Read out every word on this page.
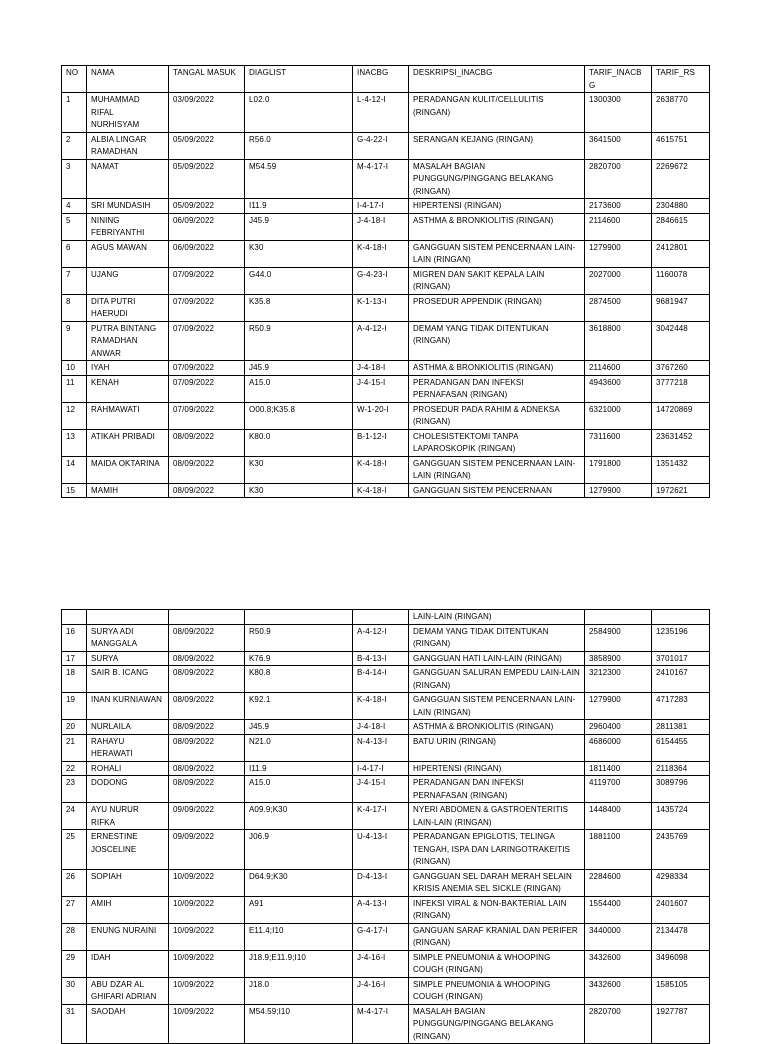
NO	NAMA	TANGAL MASUK	DIAGLIST	INACBG	DESKRIPSI_INACBG	TARIF_INACBG	TARIF_RS
1	MUHAMMAD RIFAL NURHISYAM	03/09/2022	L02.0	L-4-12-I	PERADANGAN KULIT/CELLULITIS (RINGAN)	1300300	2638770
2	ALBIA LINGAR RAMADHAN	05/09/2022	R56.0	G-4-22-I	SERANGAN KEJANG (RINGAN)	3641500	4615751
3	NAMAT	05/09/2022	M54.59	M-4-17-I	MASALAH BAGIAN PUNGGUNG/PINGGANG BELAKANG (RINGAN)	2820700	2269672
4	SRI MUNDASIH	05/09/2022	I11.9	I-4-17-I	HIPERTENSI (RINGAN)	2173600	2304880
5	NINING FEBRIYANTHI	06/09/2022	J45.9	J-4-18-I	ASTHMA & BRONKIOLITIS (RINGAN)	2114600	2846615
6	AGUS MAWAN	06/09/2022	K30	K-4-18-I	GANGGUAN SISTEM PENCERNAAN LAIN-LAIN (RINGAN)	1279900	2412801
7	UJANG	07/09/2022	G44.0	G-4-23-I	MIGREN DAN SAKIT KEPALA LAIN (RINGAN)	2027000	1160078
8	DITA PUTRI HAERUDI	07/09/2022	K35.8	K-1-13-I	PROSEDUR APPENDIK (RINGAN)	2874500	9681947
9	PUTRA BINTANG RAMADHAN ANWAR	07/09/2022	R50.9	A-4-12-I	DEMAM YANG TIDAK DITENTUKAN (RINGAN)	3618800	3042448
10	IYAH	07/09/2022	J45.9	J-4-18-I	ASTHMA & BRONKIOLITIS (RINGAN)	2114600	3767260
11	KENAH	07/09/2022	A15.0	J-4-15-I	PERADANGAN DAN INFEKSI PERNAFASAN (RINGAN)	4943600	3777218
12	RAHMAWATI	07/09/2022	O00.8;K35.8	W-1-20-I	PROSEDUR PADA RAHIM & ADNEKSA (RINGAN)	6321000	14720869
13	ATIKAH PRIBADI	08/09/2022	K80.0	B-1-12-I	CHOLESISTEKTOMI TANPA LAPAROSKOPIK (RINGAN)	7311600	23631452
14	MAIDA OKTARINA	08/09/2022	K30	K-4-18-I	GANGGUAN SISTEM PENCERNAAN LAIN-LAIN (RINGAN)	1791800	1351432
15	MAMIH	08/09/2022	K30	K-4-18-I	GANGGUAN SISTEM PENCERNAAN	1279900	1972621
					LAIN-LAIN (RINGAN)		
16	SURYA ADI MANGGALA	08/09/2022	R50.9	A-4-12-I	DEMAM YANG TIDAK DITENTUKAN (RINGAN)	2584900	1235196
17	SURYA	08/09/2022	K76.9	B-4-13-I	GANGGUAN HATI LAIN-LAIN (RINGAN)	3858900	3701017
18	SAIR B. ICANG	08/09/2022	K80.8	B-4-14-I	GANGGUAN SALURAN EMPEDU LAIN-LAIN (RINGAN)	3212300	2410167
19	INAN KURNIAWAN	08/09/2022	K92.1	K-4-18-I	GANGGUAN SISTEM PENCERNAAN LAIN-LAIN (RINGAN)	1279900	4717283
20	NURLAILA	08/09/2022	J45.9	J-4-18-I	ASTHMA & BRONKIOLITIS (RINGAN)	2960400	2811381
21	RAHAYU HERAWATI	08/09/2022	N21.0	N-4-13-I	BATU URIN (RINGAN)	4686000	6154455
22	ROHALI	08/09/2022	I11.9	I-4-17-I	HIPERTENSI (RINGAN)	1811400	2118364
23	DODONG	08/09/2022	A15.0	J-4-15-I	PERADANGAN DAN INFEKSI PERNAFASAN (RINGAN)	4119700	3089796
24	AYU NURUR RIFKA	09/09/2022	A09.9;K30	K-4-17-I	NYERI ABDOMEN & GASTROENTERITIS LAIN-LAIN (RINGAN)	1448400	1435724
25	ERNESTINE JOSCELINE	09/09/2022	J06.9	U-4-13-I	PERADANGAN EPIGLOTIS, TELINGA TENGAH, ISPA DAN LARINGOTRAKEITIS (RINGAN)	1881100	2435769
26	SOPIAH	10/09/2022	D64.9;K30	D-4-13-I	GANGGUAN SEL DARAH MERAH SELAIN KRISIS ANEMIA SEL SICKLE (RINGAN)	2284600	4298334
27	AMIH	10/09/2022	A91	A-4-13-I	INFEKSI VIRAL & NON-BAKTERIAL LAIN (RINGAN)	1554400	2401607
28	ENUNG NURAINI	10/09/2022	E11.4;I10	G-4-17-I	GANGUAN SARAF KRANIAL DAN PERIFER (RINGAN)	3440000	2134478
29	IDAH	10/09/2022	J18.9;E11.9;I10	J-4-16-I	SIMPLE PNEUMONIA & WHOOPING COUGH (RINGAN)	3432600	3496098
30	ABU DZAR AL GHIFARI ADRIAN	10/09/2022	J18.0	J-4-16-I	SIMPLE PNEUMONIA & WHOOPING COUGH (RINGAN)	3432600	1585105
31	SAODAH	10/09/2022	M54.59;I10	M-4-17-I	MASALAH BAGIAN PUNGGUNG/PINGGANG BELAKANG (RINGAN)	2820700	1927787
